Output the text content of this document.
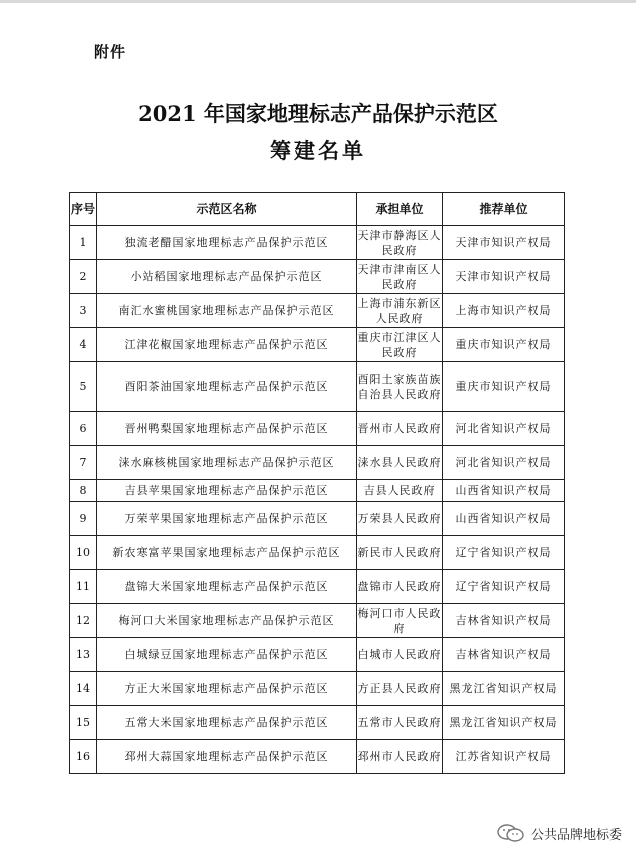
附件
2021 年国家地理标志产品保护示范区
筹建名单
序号	示范区名称	承担单位	推荐单位
1	独流老醋国家地理标志产品保护示范区	天津市静海区人民政府	天津市知识产权局
2	小站稻国家地理标志产品保护示范区	天津市津南区人民政府	天津市知识产权局
3	南汇水蜜桃国家地理标志产品保护示范区	上海市浦东新区人民政府	上海市知识产权局
4	江津花椒国家地理标志产品保护示范区	重庆市江津区人民政府	重庆市知识产权局
5	酉阳茶油国家地理标志产品保护示范区	酉阳土家族苗族自治县人民政府	重庆市知识产权局
6	晋州鸭梨国家地理标志产品保护示范区	晋州市人民政府	河北省知识产权局
7	涞水麻核桃国家地理标志产品保护示范区	涞水县人民政府	河北省知识产权局
8	吉县苹果国家地理标志产品保护示范区	吉县人民政府	山西省知识产权局
9	万荣苹果国家地理标志产品保护示范区	万荣县人民政府	山西省知识产权局
10	新农寒富苹果国家地理标志产品保护示范区	新民市人民政府	辽宁省知识产权局
11	盘锦大米国家地理标志产品保护示范区	盘锦市人民政府	辽宁省知识产权局
12	梅河口大米国家地理标志产品保护示范区	梅河口市人民政府	吉林省知识产权局
13	白城绿豆国家地理标志产品保护示范区	白城市人民政府	吉林省知识产权局
14	方正大米国家地理标志产品保护示范区	方正县人民政府	黑龙江省知识产权局
15	五常大米国家地理标志产品保护示范区	五常市人民政府	黑龙江省知识产权局
16	邳州大蒜国家地理标志产品保护示范区	邳州市人民政府	江苏省知识产权局
公共品牌地标委
